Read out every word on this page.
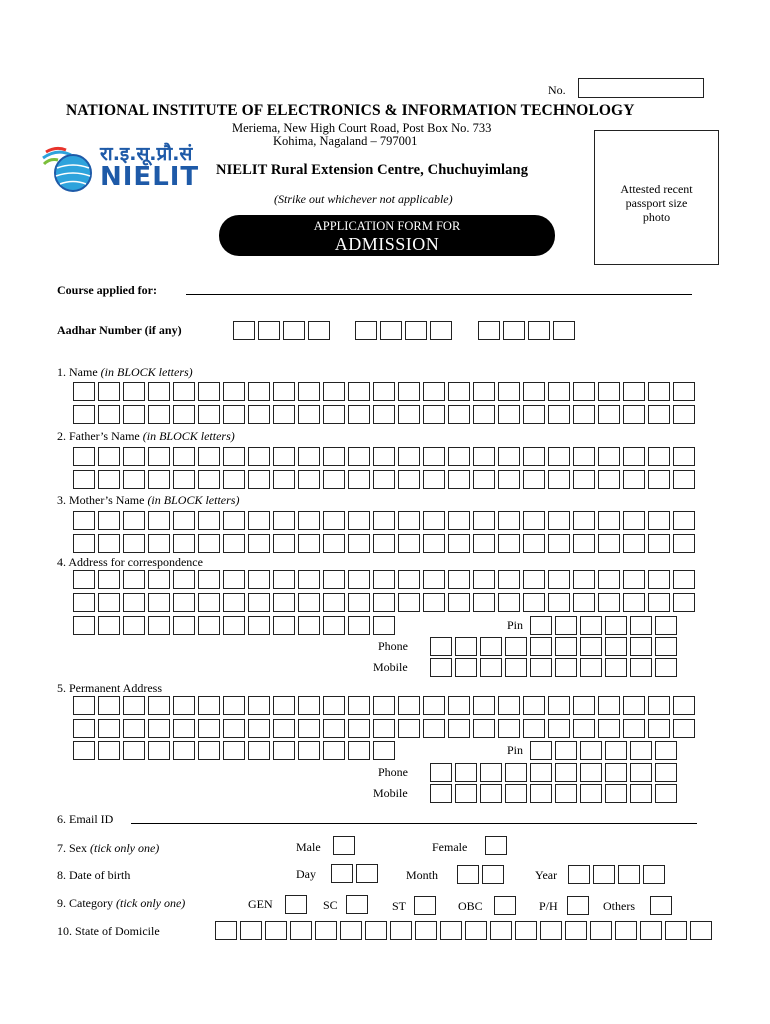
No.
NATIONAL INSTITUTE OF ELECTRONICS & INFORMATION TECHNOLOGY
Meriema, New High Court Road, Post Box No. 733
Kohima, Nagaland – 797001
रा.इ.सू.प्रौ.सं
NIELIT NIELIT Rural Extension Centre, Chuchuyimlang
(Strike out whichever not applicable)
APPLICATION FORM FOR
ADMISSION
Attested recent
passport size
photo
Course applied for:
Aadhar Number (if any)
1. Name (in BLOCK letters)
2. Father’s Name (in BLOCK letters)
3. Mother’s Name (in BLOCK letters)
4. Address for correspondence
Pin
Phone
Mobile
5. Permanent Address
Pin
Phone
Mobile
6. Email ID
7. Sex (tick only one)	Male	Female
8. Date of birth	Day	Month	Year
9. Category (tick only one)	GEN	SC	ST	OBC	P/H	Others
10. State of Domicile
